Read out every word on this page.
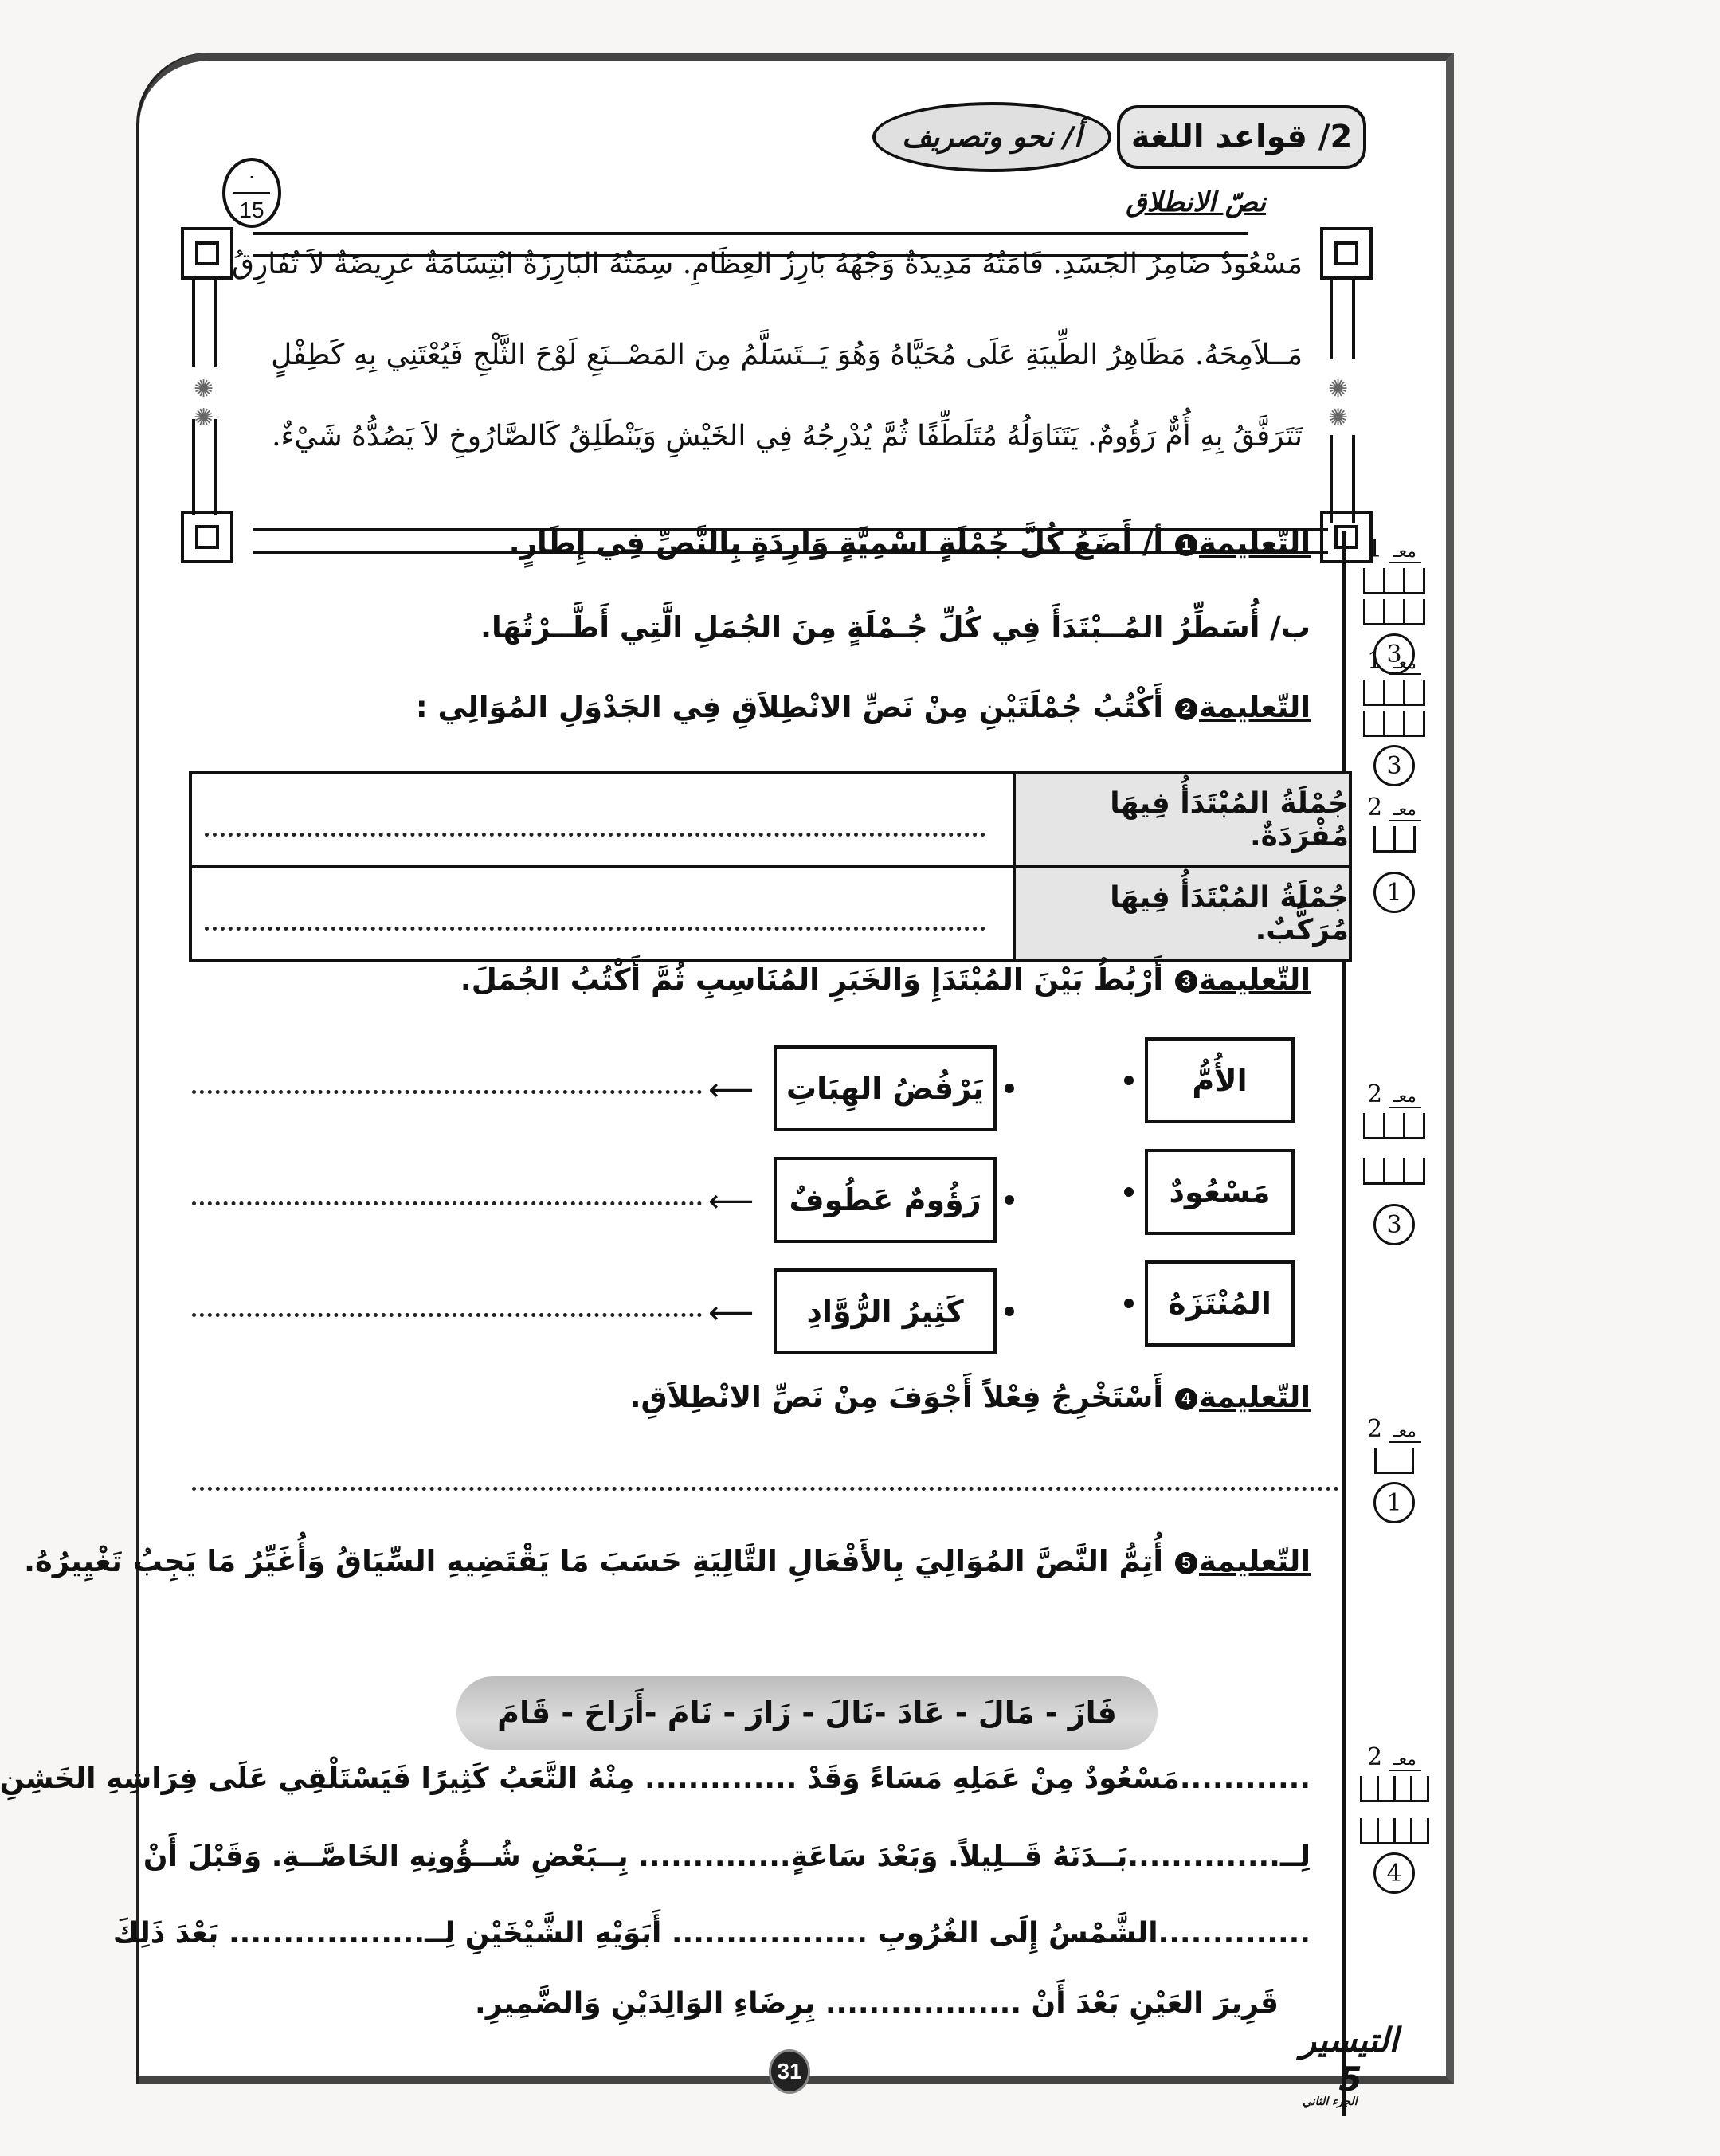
2/ قواعد اللغة
أ/ نحو وتصريف
·
15
✺
✺
✺
✺
نصّ الانطلاق
مَسْعُودٌ ضَامِرُ الجَسَدِ. قَامَتُهُ مَدِيدَةٌ وَجْهُهُ بَارِزُ العِظَامِ. سِمَتُهُ البَارِزَةُ ابْتِسَامَةٌ عَرِيضَةٌ لاَ تُفَارِقُ
مَــلاَمِحَهُ. مَظَاهِرُ الطِّيبَةِ عَلَى مُحَيَّاهُ وَهُوَ يَــتَسَلَّمُ مِنَ المَصْــنَعِ لَوْحَ الثَّلْجِ فَيُعْتَنِي بِهِ كَطِفْلٍ
تَتَرَفَّقُ بِهِ أُمٌّ رَؤُومٌ. يَتَنَاوَلُهُ مُتَلَطِّفًا ثُمَّ يُدْرِجُهُ فِي الخَيْشِ وَيَنْطَلِقُ كَالصَّارُوخِ لاَ يَصُدُّهُ شَيْءٌ.
التّعليمة1 أ/ أَضَعُ كُلَّ جُمْلَةٍ اسْمِيَّةٍ وَارِدَةٍ بِالنَّصِّ فِي إِطَارٍ.
ب/ أُسَطِّرُ المُــبْتَدَأَ فِي كُلِّ جُـمْلَةٍ مِنَ الجُمَلِ الَّتِي أَطَّــرْتُهَا.
التّعليمة2 أَكْتُبُ جُمْلَتَيْنِ مِنْ نَصِّ الانْطِلاَقِ فِي الجَدْوَلِ المُوَالِي :
جُمْلَةُ المُبْتَدَأُ فِيهَا مُفْرَدَةٌ.
جُمْلَةُ المُبْتَدَأُ فِيهَا مُرَكَّبٌ.
التّعليمة3 أَرْبُطُ بَيْنَ المُبْتَدَإِ وَالخَبَرِ المُنَاسِبِ ثُمَّ أَكْتُبُ الجُمَلَ.
الأُمُّ
مَسْعُودٌ
المُنْتَزَهُ
يَرْفُضُ الهِبَاتِ
رَؤُومٌ عَطُوفٌ
كَثِيرُ الرُّوَّادِ
⟵
⟵
⟵
التّعليمة4 أَسْتَخْرِجُ فِعْلاً أَجْوَفَ مِنْ نَصِّ الانْطِلاَقِ.
التّعليمة5 أُتِمُّ النَّصَّ المُوَالِيَ بِالأَفْعَالِ التَّالِيَةِ حَسَبَ مَا يَقْتَضِيهِ السِّيَاقُ وَأُغَيِّرُ مَا يَجِبُ تَغْيِيرُهُ.
فَازَ - مَالَ - عَادَ -نَالَ - زَارَ - نَامَ -أَرَاحَ - قَامَ
............مَسْعُودٌ مِنْ عَمَلِهِ مَسَاءً وَقَدْ .............. مِنْهُ التَّعَبُ كَثِيرًا فَيَسْتَلْقِي عَلَى فِرَاشِهِ الخَشِنِ
لِــ..............بَــدَنَهُ قَــلِيلاً. وَبَعْدَ سَاعَةٍ.............. بِــبَعْضِ شُــؤُونِهِ الخَاصَّــةِ. وَقَبْلَ أَنْ
..............الشَّمْسُ إِلَى الغُرُوبِ .................. أَبَوَيْهِ الشَّيْخَيْنِ لِــ.................. بَعْدَ ذَلِكَ
قَرِيرَ العَيْنِ بَعْدَ أَنْ .................. بِرِضَاءِ الوَالِدَيْنِ وَالضَّمِيرِ.
1 معـ
3
1 معـ
3
2 معـ
1
2 معـ
3
2 معـ
1
2 معـ
4
31
التيسير 5
الجزء الثاني
